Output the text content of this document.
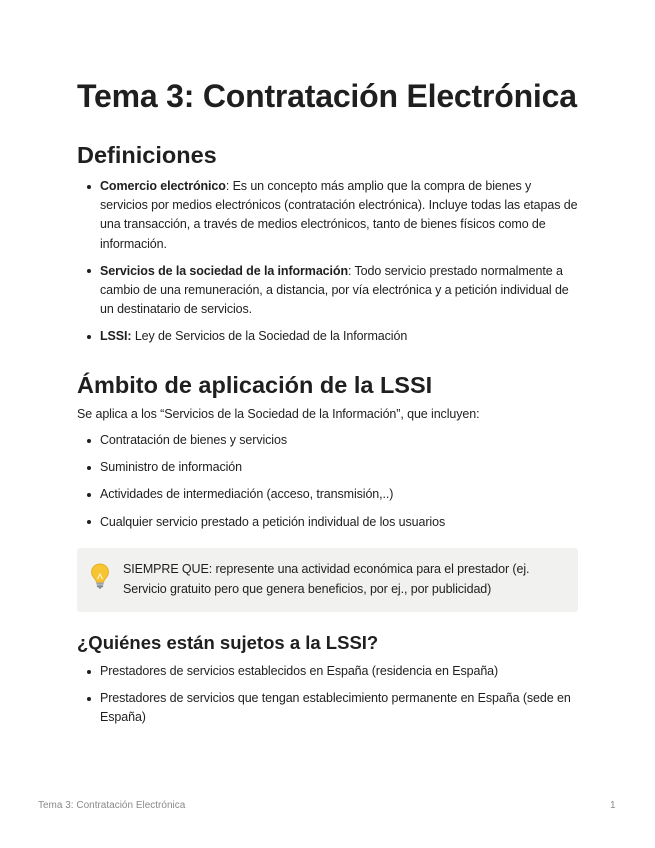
Tema 3: Contratación Electrónica
Definiciones
Comercio electrónico: Es un concepto más amplio que la compra de bienes y servicios por medios electrónicos (contratación electrónica). Incluye todas las etapas de una transacción, a través de medios electrónicos, tanto de bienes físicos como de información.
Servicios de la sociedad de la información: Todo servicio prestado normalmente a cambio de una remuneración, a distancia, por vía electrónica y a petición individual de un destinatario de servicios.
LSSI: Ley de Servicios de la Sociedad de la Información
Ámbito de aplicación de la LSSI

Se aplica a los “Servicios de la Sociedad de la Información”, que incluyen:

Contratación de bienes y servicios
Suministro de información
Actividades de intermediación (acceso, transmisión,..)
Cualquier servicio prestado a petición individual de los usuarios
SIEMPRE QUE: represente una actividad económica para el prestador (ej. Servicio gratuito pero que genera beneficios, por ej., por publicidad)
¿Quiénes están sujetos a la LSSI?
Prestadores de servicios establecidos en España (residencia en España)
Prestadores de servicios que tengan establecimiento permanente en España (sede en España)
Tema 3: Contratación Electrónica	1
